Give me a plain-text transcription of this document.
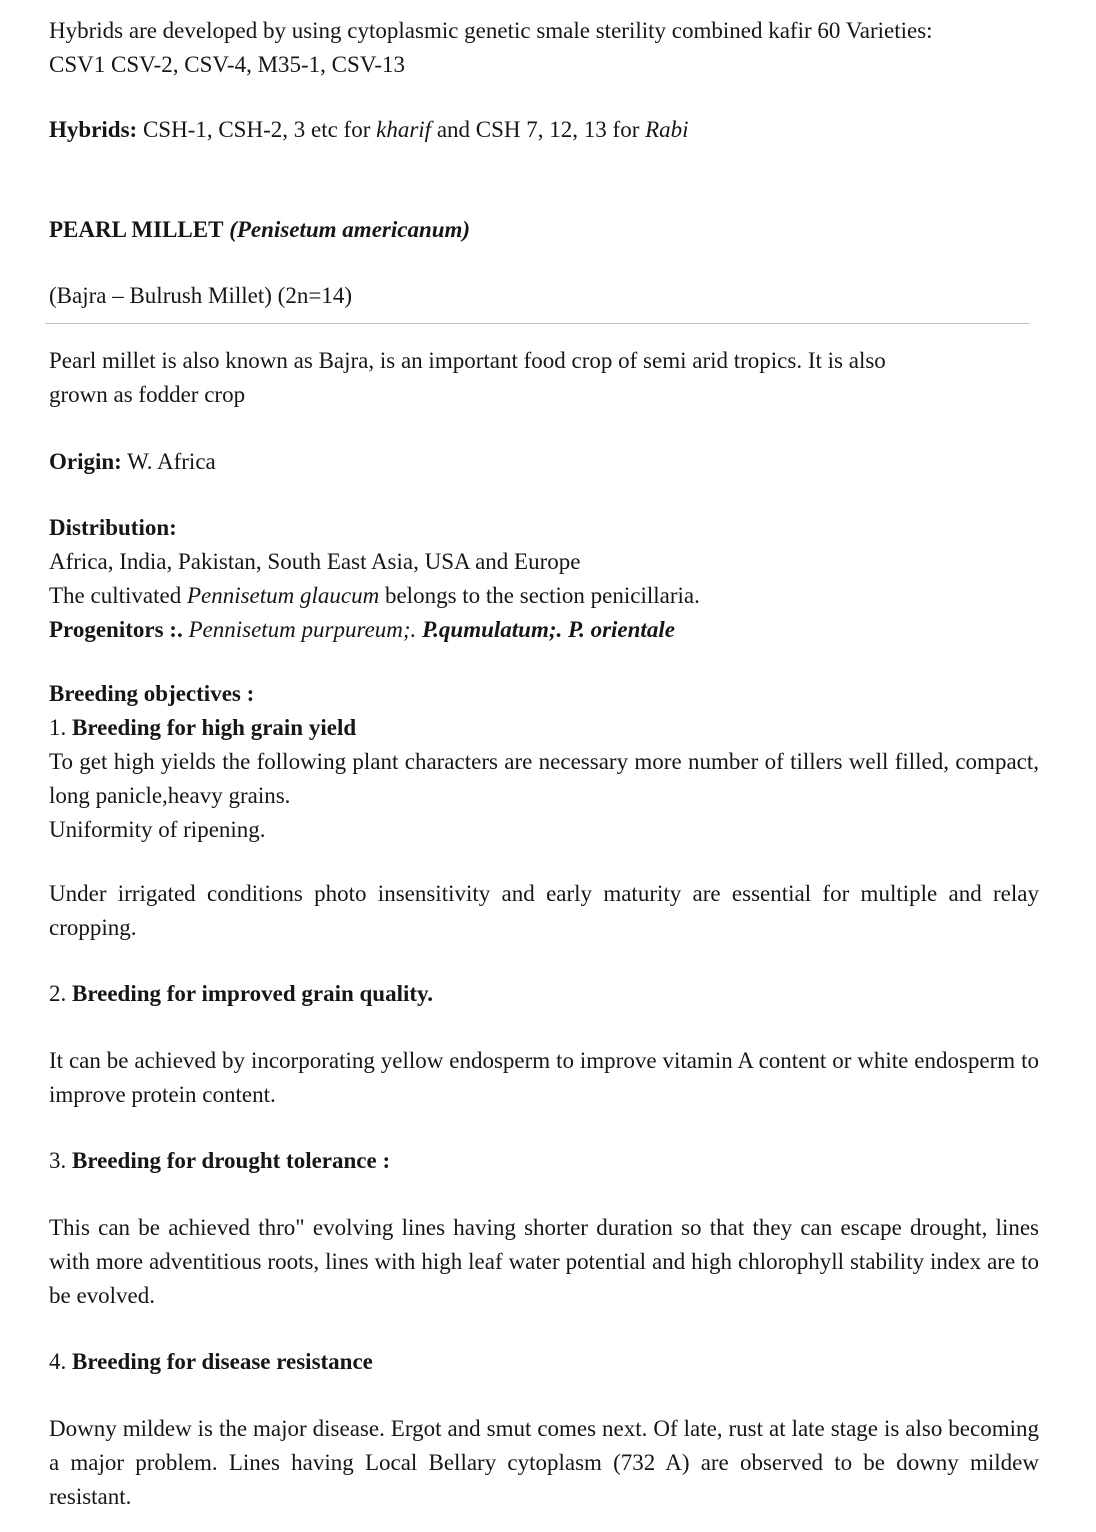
Hybrids are developed by using cytoplasmic genetic smale sterility combined kafir 60 Varieties:

CSV1 CSV-2, CSV-4, M35-1, CSV-13

Hybrids: CSH-1, CSH-2, 3 etc for kharif and CSH 7, 12, 13 for Rabi

PEARL MILLET (Penisetum americanum)

(Bajra – Bulrush Millet) (2n=14)

Pearl millet is also known as Bajra, is an important food crop of semi arid tropics. It is also

grown as fodder crop

Origin: W. Africa

Distribution:

Africa, India, Pakistan, South East Asia, USA and Europe

The cultivated Pennisetum glaucum belongs to the section penicillaria.

Progenitors :. Pennisetum purpureum;. P.qumulatum;. P. orientale

Breeding objectives :

1. Breeding for high grain yield

To get high yields the following plant characters are necessary more number of tillers well filled, compact, long panicle,heavy grains.

Uniformity of ripening.

Under irrigated conditions photo insensitivity and early maturity are essential for multiple and relay cropping.

2. Breeding for improved grain quality.

It can be achieved by incorporating yellow endosperm to improve vitamin A content or white endosperm to improve protein content.

3. Breeding for drought tolerance :

This can be achieved thro" evolving lines having shorter duration so that they can escape drought, lines with more adventitious roots, lines with high leaf water potential and high chlorophyll stability index are to be evolved.

4. Breeding for disease resistance

Downy mildew is the major disease. Ergot and smut comes next. Of late, rust at late stage is also becoming a major problem. Lines having Local Bellary cytoplasm (732 A) are observed to be downy mildew resistant.
